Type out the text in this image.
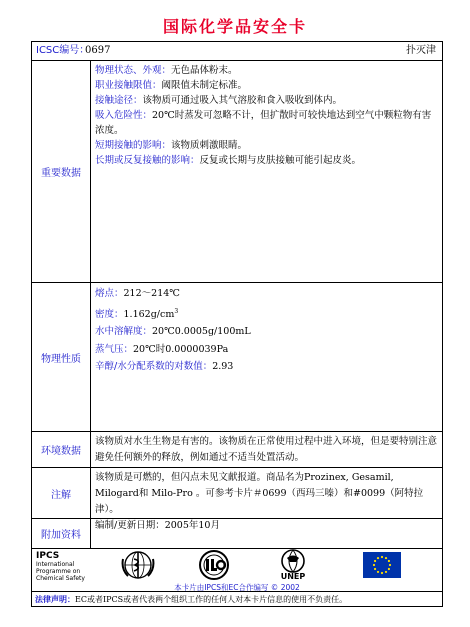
国际化学品安全卡
ICSC编号：
0697	扑灭津
重要数据
物理状态、外观：无色晶体粉末。
职业接触限值：阈限值未制定标准。
接触途径：该物质可通过吸入其气溶胶和食入吸收到体内。
吸入危险性：20℃时蒸发可忽略不计，但扩散时可较快地达到空气中颗粒物有害浓度。
短期接触的影响：该物质刺激眼睛。
长期或反复接触的影响：反复或长期与皮肤接触可能引起皮炎。
物理性质
熔点：212～214℃
密度：$1.162g/cm^3$
水中溶解度：20℃0.0005g/100mL
蒸气压：20℃时0.0000039Pa
辛醇/水分配系数的对数值：2.93
环境数据
该物质对水生生物是有害的。该物质在正常使用过程中进入环境，但是要特别注意避免任何额外的释放，例如通过不适当处置活动。
注解
该物质是可燃的，但闪点未见文献报道。商品名为Prozinex, Gesamil, Milogard和 Milo-Pro 。可参考卡片＃0699（西玛三嗪）和#0099（阿特拉津）。
附加资料
编制/更新日期：2005年10月
IPCS
International
Programme on
Chemical Safety	UNEP
本卡片由IPCS和EC合作编写 © 2002
法律声明：EC或者IPCS或者代表两个组织工作的任何人对本卡片信息的使用不负责任。
